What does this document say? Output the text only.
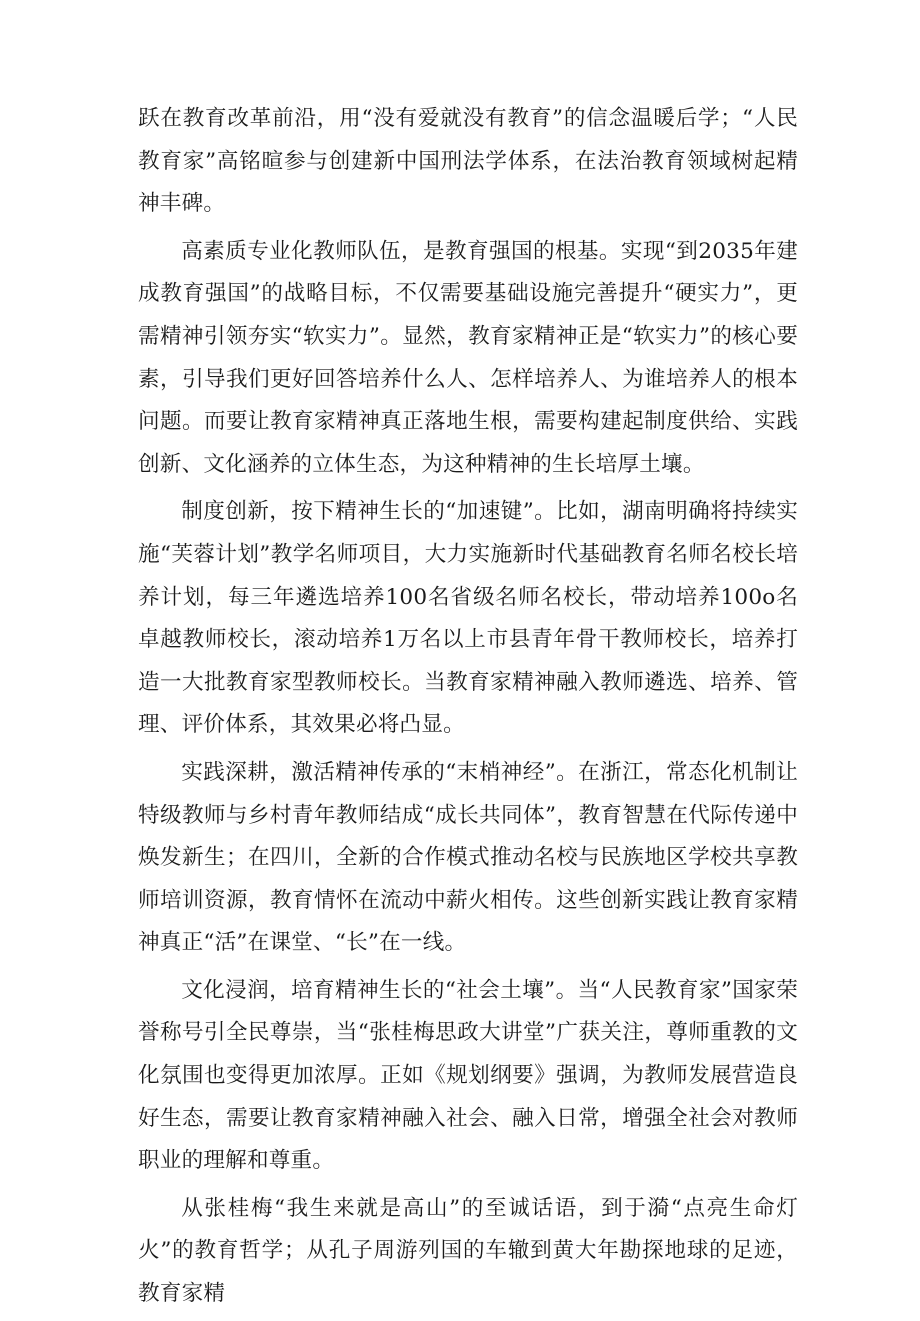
跃在教育改革前沿，用“没有爱就没有教育”的信念温暖后学；“人民教育家”高铭暄参与创建新中国刑法学体系，在法治教育领域树起精神丰碑。

高素质专业化教师队伍，是教育强国的根基。实现“到2035年建成教育强国”的战略目标，不仅需要基础设施完善提升“硬实力”，更需精神引领夯实“软实力”。显然，教育家精神正是“软实力”的核心要素，引导我们更好回答培养什么人、怎样培养人、为谁培养人的根本问题。而要让教育家精神真正落地生根，需要构建起制度供给、实践创新、文化涵养的立体生态，为这种精神的生长培厚土壤。

制度创新，按下精神生长的“加速键”。比如，湖南明确将持续实施“芙蓉计划”教学名师项目，大力实施新时代基础教育名师名校长培养计划，每三年遴选培养100名省级名师名校长，带动培养100o名卓越教师校长，滚动培养1万名以上市县青年骨干教师校长，培养打造一大批教育家型教师校长。当教育家精神融入教师遴选、培养、管理、评价体系，其效果必将凸显。

实践深耕，激活精神传承的“末梢神经”。在浙江，常态化机制让特级教师与乡村青年教师结成“成长共同体”，教育智慧在代际传递中焕发新生；在四川，全新的合作模式推动名校与民族地区学校共享教师培训资源，教育情怀在流动中薪火相传。这些创新实践让教育家精神真正“活”在课堂、“长”在一线。

文化浸润，培育精神生长的“社会土壤”。当“人民教育家”国家荣誉称号引全民尊崇，当“张桂梅思政大讲堂”广获关注，尊师重教的文化氛围也变得更加浓厚。正如《规划纲要》强调，为教师发展营造良好生态，需要让教育家精神融入社会、融入日常，增强全社会对教师职业的理解和尊重。

从张桂梅“我生来就是高山”的至诚话语，到于漪“点亮生命灯火”的教育哲学；从孔子周游列国的车辙到黄大年勘探地球的足迹，教育家精
